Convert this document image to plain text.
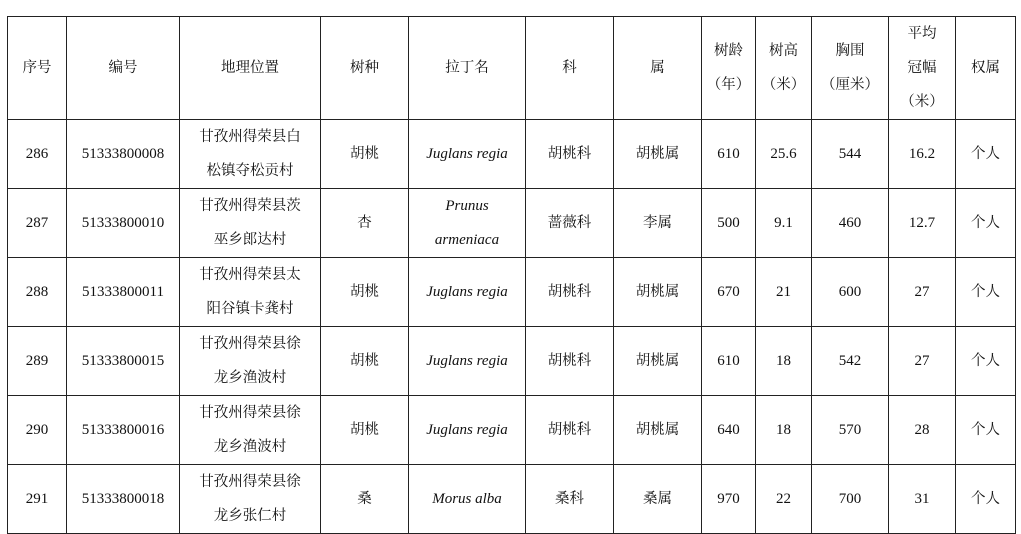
序号	编号	地理位置	树种	拉丁名	科	属	树龄
（年）	树高
（米）	胸围
（厘米）	平均
冠幅
（米）	权属
286	51333800008	甘孜州得荣县白
松镇夺松贡村	胡桃	Juglans regia	胡桃科	胡桃属	610	25.6	544	16.2	个人
287	51333800010	甘孜州得荣县茨
巫乡郎达村	杏	Prunus
armeniaca	蔷薇科	李属	500	9.1	460	12.7	个人
288	51333800011	甘孜州得荣县太
阳谷镇卡龚村	胡桃	Juglans regia	胡桃科	胡桃属	670	21	600	27	个人
289	51333800015	甘孜州得荣县徐
龙乡渔波村	胡桃	Juglans regia	胡桃科	胡桃属	610	18	542	27	个人
290	51333800016	甘孜州得荣县徐
龙乡渔波村	胡桃	Juglans regia	胡桃科	胡桃属	640	18	570	28	个人
291	51333800018	甘孜州得荣县徐
龙乡张仁村	桑	Morus alba	桑科	桑属	970	22	700	31	个人
